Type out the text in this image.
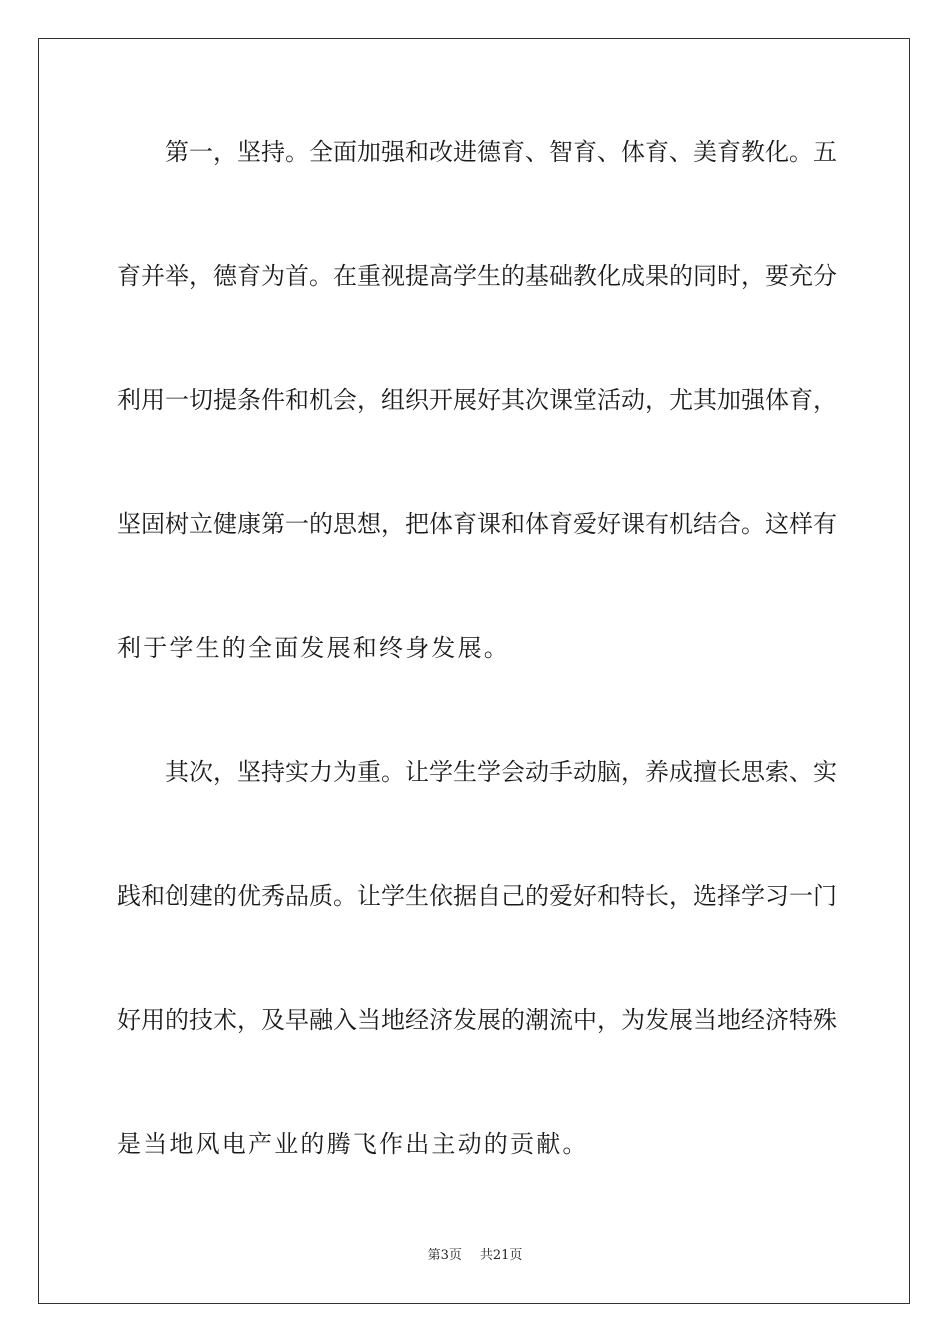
第一，坚持。全面加强和改进德育、智育、体育、美育教化。五
育并举，德育为首。在重视提高学生的基础教化成果的同时，要充分
利用一切提条件和机会，组织开展好其次课堂活动，尤其加强体育，
坚固树立健康第一的思想，把体育课和体育爱好课有机结合。这样有
利于学生的全面发展和终身发展。
其次，坚持实力为重。让学生学会动手动脑，养成擅长思索、实
践和创建的优秀品质。让学生依据自己的爱好和特长，选择学习一门
好用的技术，及早融入当地经济发展的潮流中，为发展当地经济特殊
是当地风电产业的腾飞作出主动的贡献。
第3页 共21页
